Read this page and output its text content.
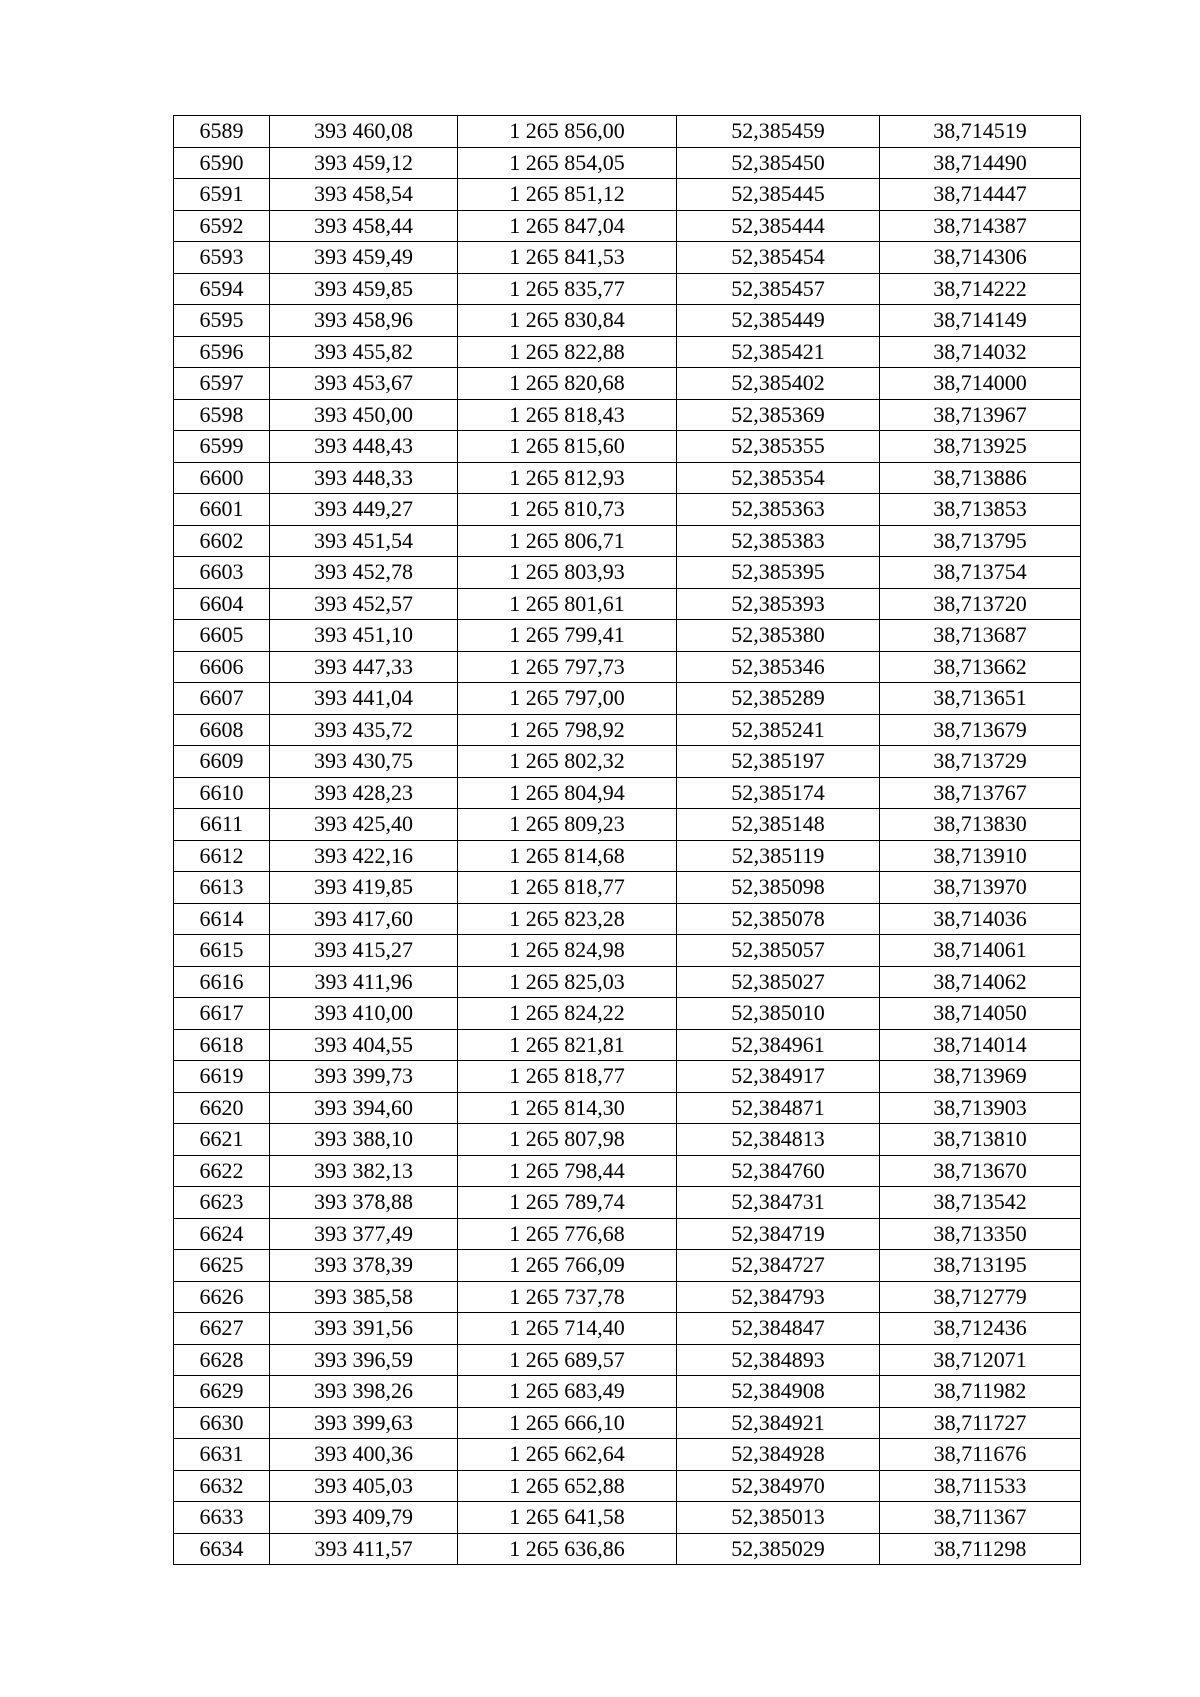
6589	393 460,08	1 265 856,00	52,385459	38,714519
6590	393 459,12	1 265 854,05	52,385450	38,714490
6591	393 458,54	1 265 851,12	52,385445	38,714447
6592	393 458,44	1 265 847,04	52,385444	38,714387
6593	393 459,49	1 265 841,53	52,385454	38,714306
6594	393 459,85	1 265 835,77	52,385457	38,714222
6595	393 458,96	1 265 830,84	52,385449	38,714149
6596	393 455,82	1 265 822,88	52,385421	38,714032
6597	393 453,67	1 265 820,68	52,385402	38,714000
6598	393 450,00	1 265 818,43	52,385369	38,713967
6599	393 448,43	1 265 815,60	52,385355	38,713925
6600	393 448,33	1 265 812,93	52,385354	38,713886
6601	393 449,27	1 265 810,73	52,385363	38,713853
6602	393 451,54	1 265 806,71	52,385383	38,713795
6603	393 452,78	1 265 803,93	52,385395	38,713754
6604	393 452,57	1 265 801,61	52,385393	38,713720
6605	393 451,10	1 265 799,41	52,385380	38,713687
6606	393 447,33	1 265 797,73	52,385346	38,713662
6607	393 441,04	1 265 797,00	52,385289	38,713651
6608	393 435,72	1 265 798,92	52,385241	38,713679
6609	393 430,75	1 265 802,32	52,385197	38,713729
6610	393 428,23	1 265 804,94	52,385174	38,713767
6611	393 425,40	1 265 809,23	52,385148	38,713830
6612	393 422,16	1 265 814,68	52,385119	38,713910
6613	393 419,85	1 265 818,77	52,385098	38,713970
6614	393 417,60	1 265 823,28	52,385078	38,714036
6615	393 415,27	1 265 824,98	52,385057	38,714061
6616	393 411,96	1 265 825,03	52,385027	38,714062
6617	393 410,00	1 265 824,22	52,385010	38,714050
6618	393 404,55	1 265 821,81	52,384961	38,714014
6619	393 399,73	1 265 818,77	52,384917	38,713969
6620	393 394,60	1 265 814,30	52,384871	38,713903
6621	393 388,10	1 265 807,98	52,384813	38,713810
6622	393 382,13	1 265 798,44	52,384760	38,713670
6623	393 378,88	1 265 789,74	52,384731	38,713542
6624	393 377,49	1 265 776,68	52,384719	38,713350
6625	393 378,39	1 265 766,09	52,384727	38,713195
6626	393 385,58	1 265 737,78	52,384793	38,712779
6627	393 391,56	1 265 714,40	52,384847	38,712436
6628	393 396,59	1 265 689,57	52,384893	38,712071
6629	393 398,26	1 265 683,49	52,384908	38,711982
6630	393 399,63	1 265 666,10	52,384921	38,711727
6631	393 400,36	1 265 662,64	52,384928	38,711676
6632	393 405,03	1 265 652,88	52,384970	38,711533
6633	393 409,79	1 265 641,58	52,385013	38,711367
6634	393 411,57	1 265 636,86	52,385029	38,711298
